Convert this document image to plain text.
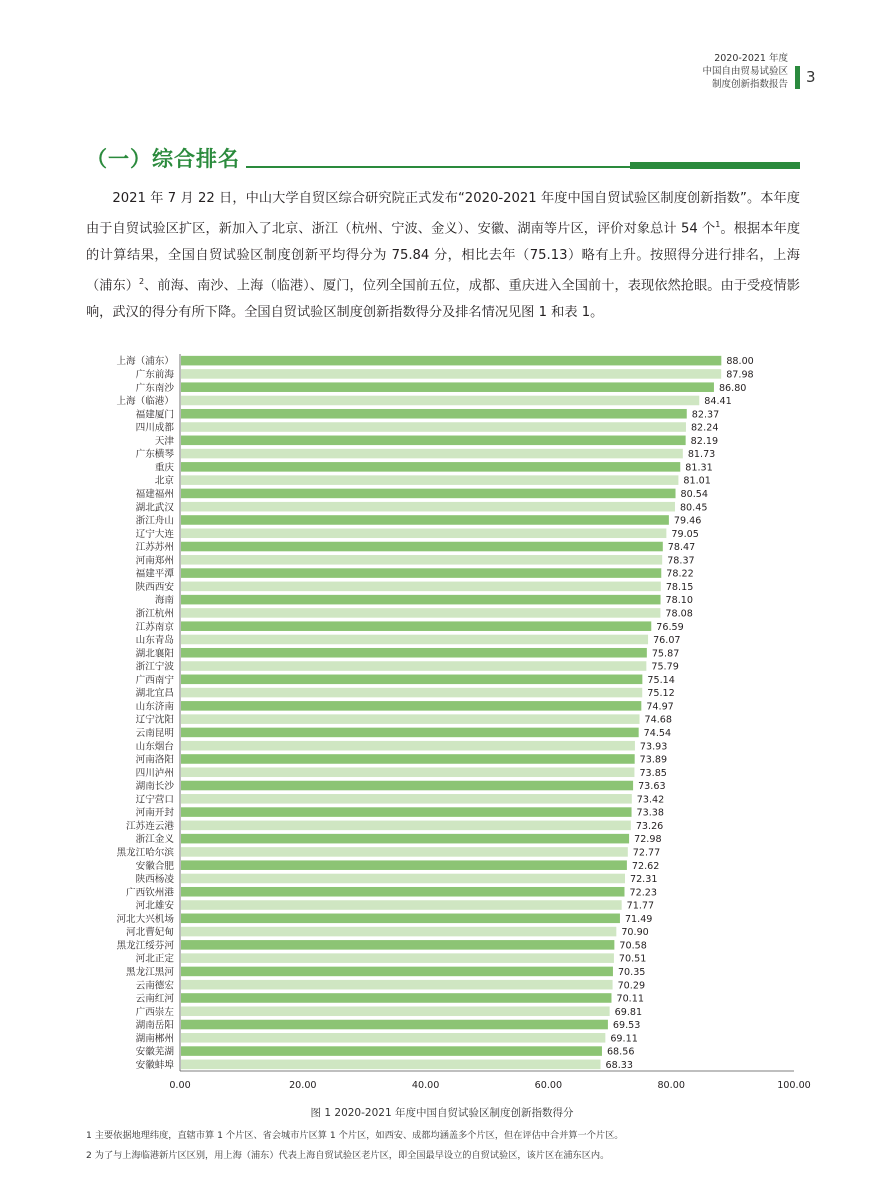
2020-2021 年度
中国自由贸易试验区
制度创新指数报告 3
（一）综合排名

2021 年 7 月 22 日，中山大学自贸区综合研究院正式发布“2020-2021 年度中国自贸试验区制度创新指数”。本年度由于自贸试验区扩区，新加入了北京、浙江（杭州、宁波、金义）、安徽、湖南等片区，评价对象总计 54 个$^1$。根据本年度的计算结果，全国自贸试验区制度创新平均得分为 75.84 分，相比去年（75.13）略有上升。按照得分进行排名，上海（浦东）$^2$、前海、南沙、上海（临港）、厦门，位列全国前五位，成都、重庆进入全国前十，表现依然抢眼。由于受疫情影响，武汉的得分有所下降。全国自贸试验区制度创新指数得分及排名情况见图 1 和表 1。

上海（浦东）	88.00
广东前海	87.98
广东南沙	86.80
上海（临港）	84.41
福建厦门	82.37
四川成都	82.24
天津	82.19
广东横琴	81.73
重庆	81.31
北京	81.01
福建福州	80.54
湖北武汉	80.45
浙江舟山	79.46
辽宁大连	79.05
江苏苏州	78.47
河南郑州	78.37
福建平潭	78.22
陕西西安	78.15
海南	78.10
浙江杭州	78.08
江苏南京	76.59
山东青岛	76.07
湖北襄阳	75.87
浙江宁波	75.79
广西南宁	75.14
湖北宜昌	75.12
山东济南	74.97
辽宁沈阳	74.68
云南昆明	74.54
山东烟台	73.93
河南洛阳	73.89
四川泸州	73.85
湖南长沙	73.63
辽宁营口	73.42
河南开封	73.38
江苏连云港	73.26
浙江金义	72.98
黑龙江哈尔滨	72.77
安徽合肥	72.62
陕西杨凌	72.31
广西钦州港	72.23
河北雄安	71.77
河北大兴机场	71.49
河北曹妃甸	70.90
黑龙江绥芬河	70.58
河北正定	70.51
黑龙江黑河	70.35
云南德宏	70.29
云南红河	70.11
广西崇左	69.81
湖南岳阳	69.53
湖南郴州	69.11
安徽芜湖	68.56
安徽蚌埠	68.33
0.00	20.00	40.00	60.00	80.00	100.00
图 1 2020-2021 年度中国自贸试验区制度创新指数得分
1 主要依据地理纬度，直辖市算 1 个片区、省会城市片区算 1 个片区，如西安、成都均涵盖多个片区，但在评估中合并算一个片区。
2 为了与上海临港新片区区别，用上海（浦东）代表上海自贸试验区老片区，即全国最早设立的自贸试验区，该片区在浦东区内。
